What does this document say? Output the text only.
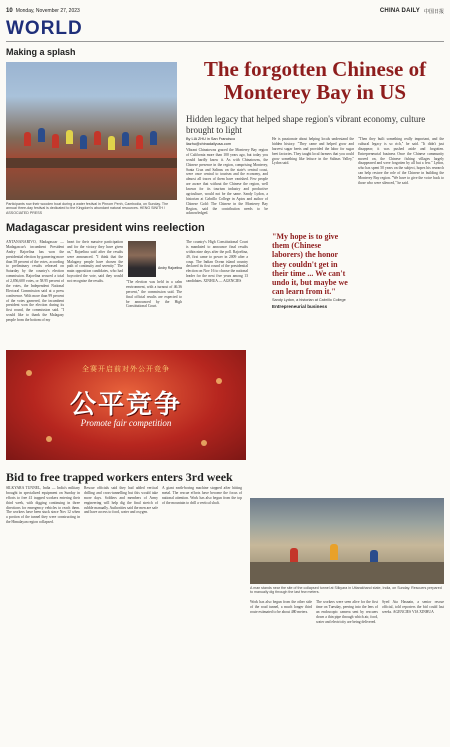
10 Monday, November 27, 2023	CHINA DAILY 中国日报
WORLD
Making a splash
Participants row their wooden boat during a water festival in Phnom Penh, Cambodia, on Sunday. The annual three-day festival is dedicated to the Kingdom's abundant natural resources. HENG SINITH / ASSOCIATED PRESS
Madagascar president wins reelection
ANTANANARIVO, Madagascar — Madagascar's incumbent President Andry Rajoelina has won the presidential election by garnering more than 58 percent of the votes, according to preliminary results released on Saturday by the country's election commission. Rajoelina secured a total of 2,856,600 votes, or 58.95 percent of the votes, the Independent National Electoral Commission said at a press conference. With more than 99 percent of the votes garnered, the incumbent president won the election during its first round, the commission said. "I would like to thank the Malagasy people from the bottom of my
heart for their massive participation and for the victory they have given us," Rajoelina said after the results were announced. "I think that the Malagasy people have chosen the path of continuity and serenity." The main opposition candidates, who had boycotted the vote, said they would not recognize the results.
Andry Rajoelina
"The election was held in a calm environment, with a turnout of 46.36 percent," the commission said. The final official results are expected to be announced by the High Constitutional Court.
The country's High Constitutional Court is mandated to announce final results within nine days after the poll. Rajoelina, 49, first came to power in 2009 after a coup. The Indian Ocean island country declared its first round of the presidential election on Nov 16 to choose the national leader for the next five years among 13 candidates. XINHUA — AGENCIES
全赛开启前对外公开竞争
公平竞争
Promote fair competition
The forgotten Chinese of Monterey Bay in US
Hidden legacy that helped shape region's vibrant economy, culture brought to light
By LIA ZHU in San Francisco liazhu@chinadailyusa.com
Vibrant Chinatowns graced the Monterey Bay region of California more than 100 years ago, but today you would hardly know it. As with Chinatowns, the Chinese presence in the region, comprising Monterey, Santa Cruz and Salinas on the state's central coast, were once central to tourism and the economy, and almost all traces of them have vanished. Few people are aware that without the Chinese the region, well known for its tourism industry and productive agriculture, would not be the same. Sandy Lydon, a historian at Cabrillo College in Aptos and author of Chinese Gold: The Chinese in the Monterey Bay Region, said the contribution needs to be acknowledged.
He is passionate about helping locals understand the hidden history. "They came and helped grow and harvest sugar beets and provided the labor for sugar beet factories. They taught local farmers that you could grow something like lettuce in the Salinas Valley," Lydon said.
"My hope is to give them (Chinese laborers) the honor they couldn't get in their time ... We can't undo it, but maybe we can learn from it."
Sandy Lydon, a historian at Cabrillo College
Entrepreneurial business
"Then they built something really important, and the cultural legacy is so rich," he said. "It didn't just disappear; it was pushed aside and forgotten. Entrepreneurial business Once the Chinese community moved on, the Chinese fishing villages largely disappeared and were forgotten by all but a few." Lydon, who has spent 50 years on the subject, hopes his research can help restore the role of the Chinese in building the Monterey Bay region. "We have to give the voice back to those who were silenced," he said.
Bid to free trapped workers enters 3rd week
SILKYARA TUNNEL, India — India's military brought in specialized equipment on Sunday in efforts to free 41 trapped workers entering their third week, with digging continuing in three directions for emergency vehicles to reach them. The workers have been stuck since Nov 12 when a portion of the tunnel they were constructing in the Himalayan region collapsed.
Rescue officials said they had added vertical drilling and cross-tunnelling but this would take more days. Soldiers and members of Army engineering will help dig the final stretch of rubble manually. Authorities said the men are safe and have access to food, water and oxygen.
A giant earth-boring machine stopped after hitting metal. The rescue efforts have become the focus of national attention. Work has also begun from the top of the mountain to drill a vertical shaft.
A man stands near the site of the collapsed tunnel at Silkyara in Uttarakhand state, India, on Sunday. Rescuers prepared to manually dig through the last few meters.
Work has also begun from the other side of the road tunnel, a much longer third route estimated to be about 480 meters.
The workers were seen alive for the first time on Tuesday, peering into the lens of an endoscopic camera sent by rescuers down a thin pipe through which air, food, water and electricity are being delivered.
Syed Ata Hasnain, a senior rescue official, told reporters the bid could last weeks. AGENCIES VIA XINHUA
